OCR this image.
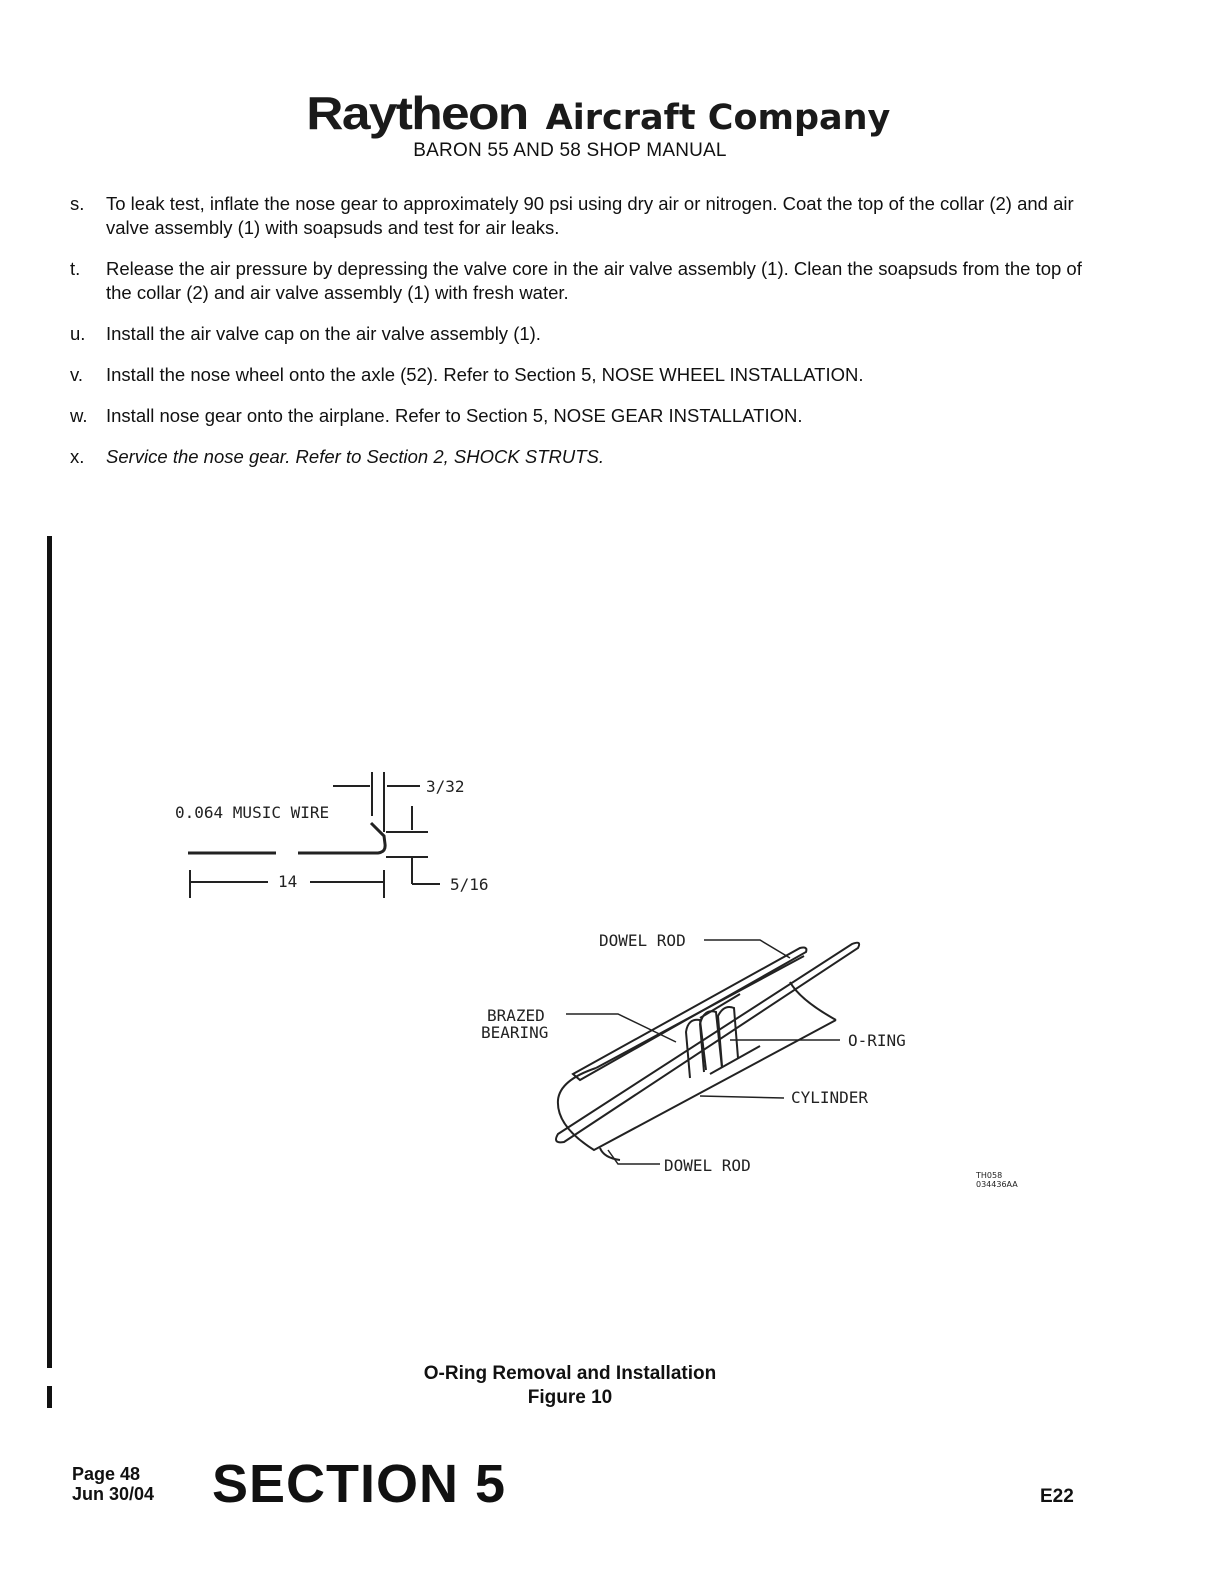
Raytheon Aircraft Company
BARON 55 AND 58 SHOP MANUAL
s. To leak test, inflate the nose gear to approximately 90 psi using dry air or nitrogen. Coat the top of the collar (2) and air valve assembly (1) with soapsuds and test for air leaks.
t. Release the air pressure by depressing the valve core in the air valve assembly (1). Clean the soapsuds from the top of the collar (2) and air valve assembly (1) with fresh water.
u. Install the air valve cap on the air valve assembly (1).
v. Install the nose wheel onto the axle (52). Refer to Section 5, NOSE WHEEL INSTALLATION.
w. Install nose gear onto the airplane. Refer to Section 5, NOSE GEAR INSTALLATION.
x. Service the nose gear. Refer to Section 2, SHOCK STRUTS.
0.064 MUSIC WIRE
3/32
14	5/16
DOWEL ROD
BRAZED
BEARING	O-RING
CYLINDER
DOWEL ROD
TH058
034436AA
O-Ring Removal and Installation
Figure 10
Page 48
Jun 30/04 SECTION 5	E22
